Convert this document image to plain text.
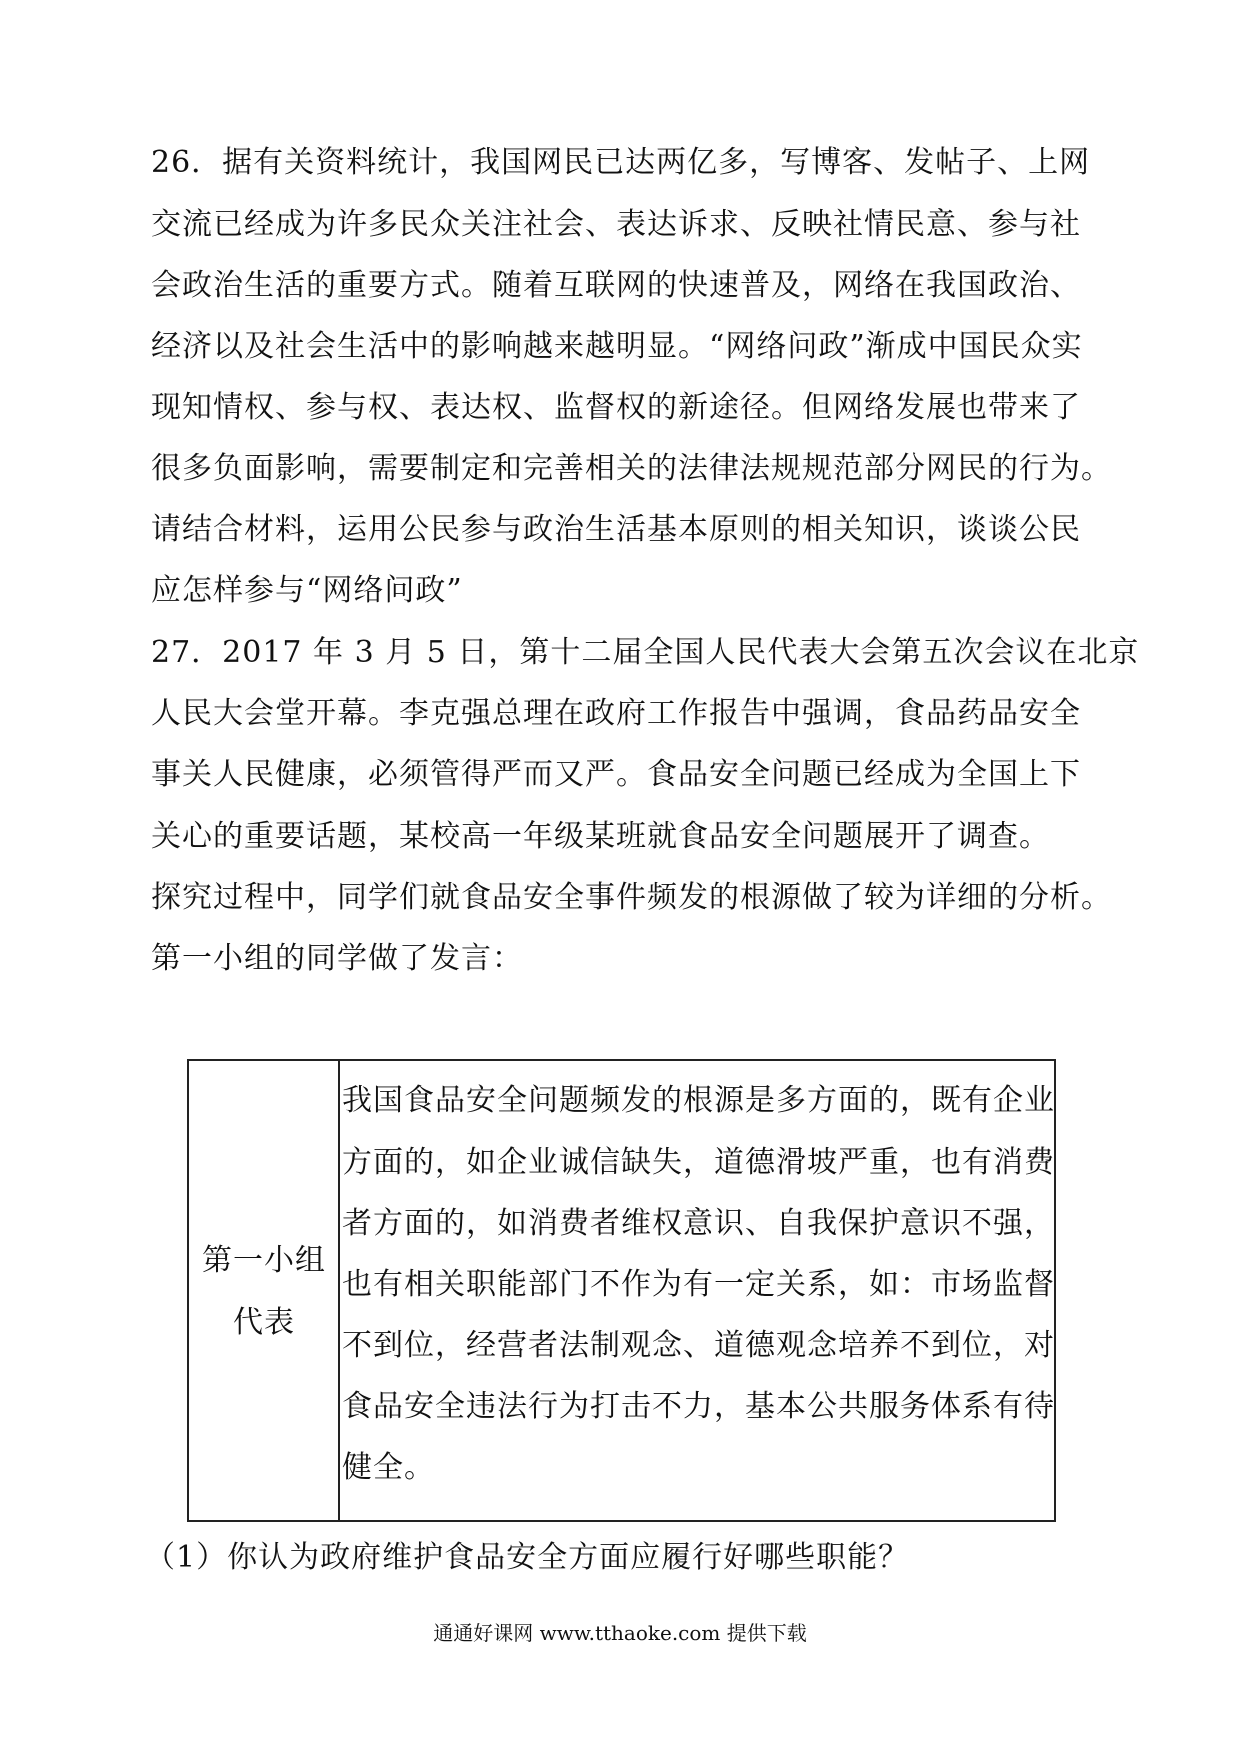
26．据有关资料统计，我国网民已达两亿多，写博客、发帖子、上网
交流已经成为许多民众关注社会、表达诉求、反映社情民意、参与社
会政治生活的重要方式。随着互联网的快速普及，网络在我国政治、
经济以及社会生活中的影响越来越明显。“网络问政”渐成中国民众实
现知情权、参与权、表达权、监督权的新途径。但网络发展也带来了
很多负面影响，需要制定和完善相关的法律法规规范部分网民的行为。
请结合材料，运用公民参与政治生活基本原则的相关知识，谈谈公民
应怎样参与“网络问政”
27．2017 年 3 月 5 日，第十二届全国人民代表大会第五次会议在北京
人民大会堂开幕。李克强总理在政府工作报告中强调，食品药品安全
事关人民健康，必须管得严而又严。食品安全问题已经成为全国上下
关心的重要话题，某校高一年级某班就食品安全问题展开了调查。
探究过程中，同学们就食品安全事件频发的根源做了较为详细的分析。
第一小组的同学做了发言：
第一小组
代表
我国食品安全问题频发的根源是多方面的，既有企业
方面的，如企业诚信缺失，道德滑坡严重，也有消费
者方面的，如消费者维权意识、自我保护意识不强，
也有相关职能部门不作为有一定关系，如：市场监督
不到位，经营者法制观念、道德观念培养不到位，对
食品安全违法行为打击不力，基本公共服务体系有待
健全。
（1）你认为政府维护食品安全方面应履行好哪些职能？
通通好课网 www.tthaoke.com 提供下载
